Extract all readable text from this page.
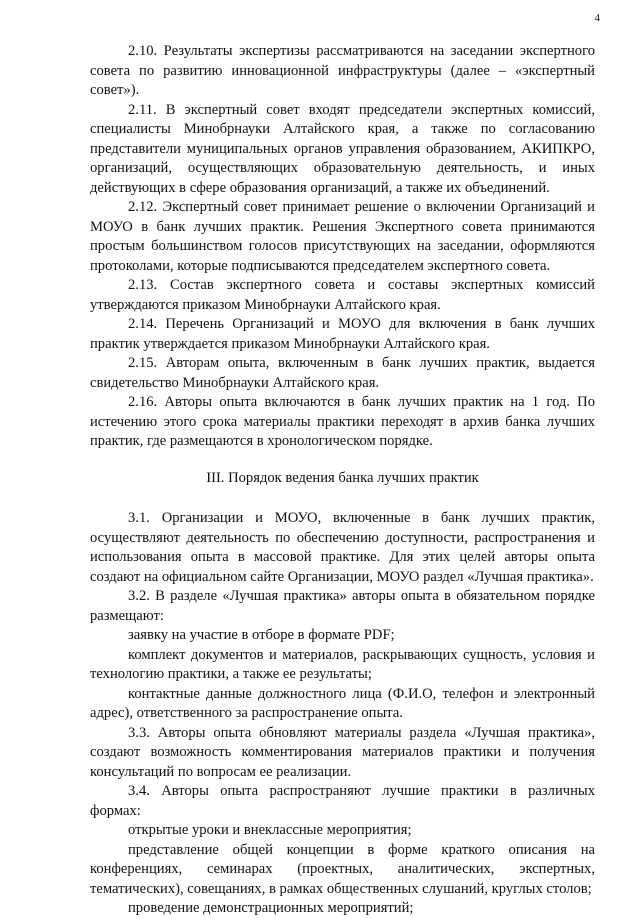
4

2.10. Результаты экспертизы рассматриваются на заседании экспертного совета по развитию инновационной инфраструктуры (далее – «экспертный совет»).

2.11. В экспертный совет входят председатели экспертных комиссий, специалисты Минобрнауки Алтайского края, а также по согласованию представители муниципальных органов управления образованием, АКИПКРО, организаций, осуществляющих образовательную деятельность, и иных действующих в сфере образования организаций, а также их объединений.

2.12. Экспертный совет принимает решение о включении Организаций и МОУО в банк лучших практик. Решения Экспертного совета принимаются простым большинством голосов присутствующих на заседании, оформляются протоколами, которые подписываются председателем экспертного совета.

2.13. Состав экспертного совета и составы экспертных комиссий утверждаются приказом Минобрнауки Алтайского края.

2.14. Перечень Организаций и МОУО для включения в банк лучших практик утверждается приказом Минобрнауки Алтайского края.

2.15. Авторам опыта, включенным в банк лучших практик, выдается свидетельство Минобрнауки Алтайского края.

2.16. Авторы опыта включаются в банк лучших практик на 1 год. По истечению этого срока материалы практики переходят в архив банка лучших практик, где размещаются в хронологическом порядке.

III. Порядок ведения банка лучших практик

3.1. Организации и МОУО, включенные в банк лучших практик, осуществляют деятельность по обеспечению доступности, распространения и использования опыта в массовой практике. Для этих целей авторы опыта создают на официальном сайте Организации, МОУО раздел «Лучшая практика».

3.2. В разделе «Лучшая практика» авторы опыта в обязательном порядке размещают:

заявку на участие в отборе в формате PDF;

комплект документов и материалов, раскрывающих сущность, условия и технологию практики, а также ее результаты;

контактные данные должностного лица (Ф.И.О, телефон и электронный адрес), ответственного за распространение опыта.

3.3. Авторы опыта обновляют материалы раздела «Лучшая практика», создают возможность комментирования материалов практики и получения консультаций по вопросам ее реализации.

3.4. Авторы опыта распространяют лучшие практики в различных формах:

открытые уроки и внеклассные мероприятия;

представление общей концепции в форме краткого описания на конференциях, семинарах (проектных, аналитических, экспертных, тематических), совещаниях, в рамках общественных слушаний, круглых столов;

проведение демонстрационных мероприятий;
